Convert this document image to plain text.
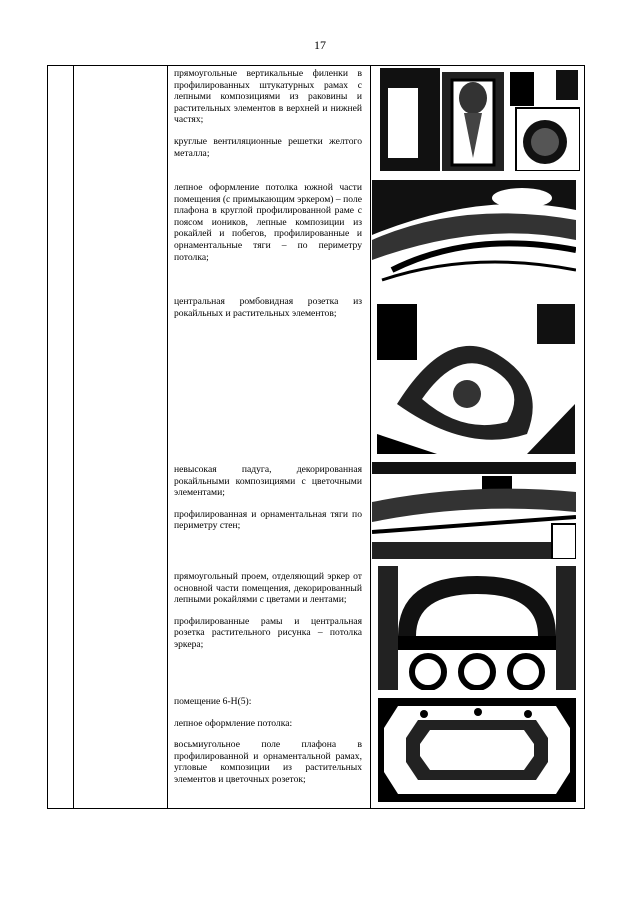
17

прямоугольные вертикальные филенки в профилированных штукатурных рамах с лепными композициями из раковины и растительных элементов в верхней и нижней частях;

круглые вентиляционные решетки желтого металла;

лепное оформление потолка южной части помещения (с примыкающим эркером) – поле плафона в круглой профилированной раме с поясом иоников, лепные композиции из рокайлей и побегов, профилированные и орнаментальные тяги – по периметру потолка;

центральная ромбовидная розетка из рокайльных и растительных элементов;

невысокая падуга, декорированная рокайльными композициями с цветочными элементами;

профилированная и орнаментальная тяги по периметру стен;

прямоугольный проем, отделяющий эркер от основной части помещения, декорированный лепными рокайлями с цветами и лентами;

профилированные рамы и центральная розетка растительного рисунка – потолка эркера;

помещение 6-Н(5):

лепное оформление потолка:

восьмиугольное поле плафона в профилированной и орнаментальной рамах, угловые композиции из растительных элементов и цветочных розеток;
